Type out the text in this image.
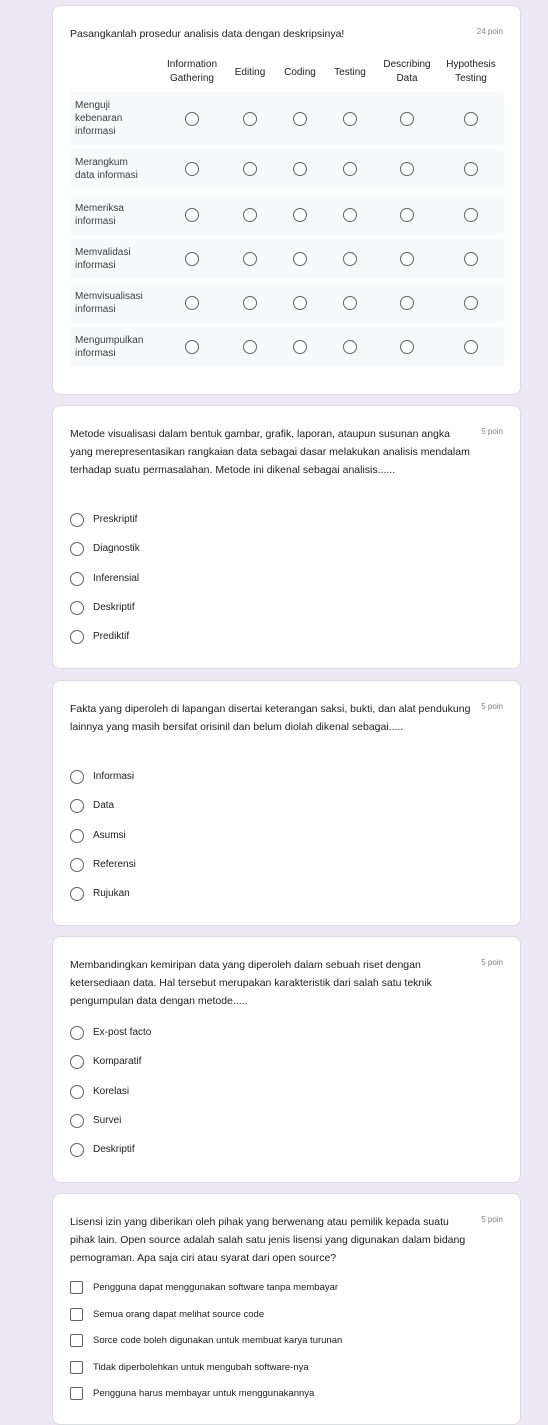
Pasangkanlah prosedur analisis data dengan deskripsinya!	24 poin
Information
Gathering
Editing Coding Testing
Describing
Data
Hypothesis
Testing
Menguji
kebenaran
informasi
Merangkum
data informasi
Memeriksa
informasi
Memvalidasi
informasi
Memvisualisasi
informasi
Mengumpulkan
informasi
Metode visualisasi dalam bentuk gambar, grafik, laporan, ataupun susunan angka yang merepresentasikan rangkaian data sebagai dasar melakukan analisis mendalam terhadap suatu permasalahan. Metode ini dikenal sebagai analisis......
5 poin
Preskriptif
Diagnostik
Inferensial
Deskriptif
Prediktif
Fakta yang diperoleh di lapangan disertai keterangan saksi, bukti, dan alat pendukung lainnya yang masih bersifat orisinil dan belum diolah dikenal sebagai.....
5 poin
Informasi
Data
Asumsi
Referensi
Rujukan
Membandingkan kemiripan data yang diperoleh dalam sebuah riset dengan ketersediaan data. Hal tersebut merupakan karakteristik dari salah satu teknik pengumpulan data dengan metode.....
5 poin
Ex-post facto
Komparatif
Korelasi
Survei
Deskriptif
Lisensi izin yang diberikan oleh pihak yang berwenang atau pemilik kepada suatu pihak lain. Open source adalah salah satu jenis lisensi yang digunakan dalam bidang pemograman. Apa saja ciri atau syarat dari open source?
5 poin
Pengguna dapat menggunakan software tanpa membayar
Semua orang dapat melihat source code
Sorce code boleh digunakan untuk membuat karya turunan
Tidak diperbolehkan untuk mengubah software-nya
Pengguna harus membayar untuk menggunakannya
